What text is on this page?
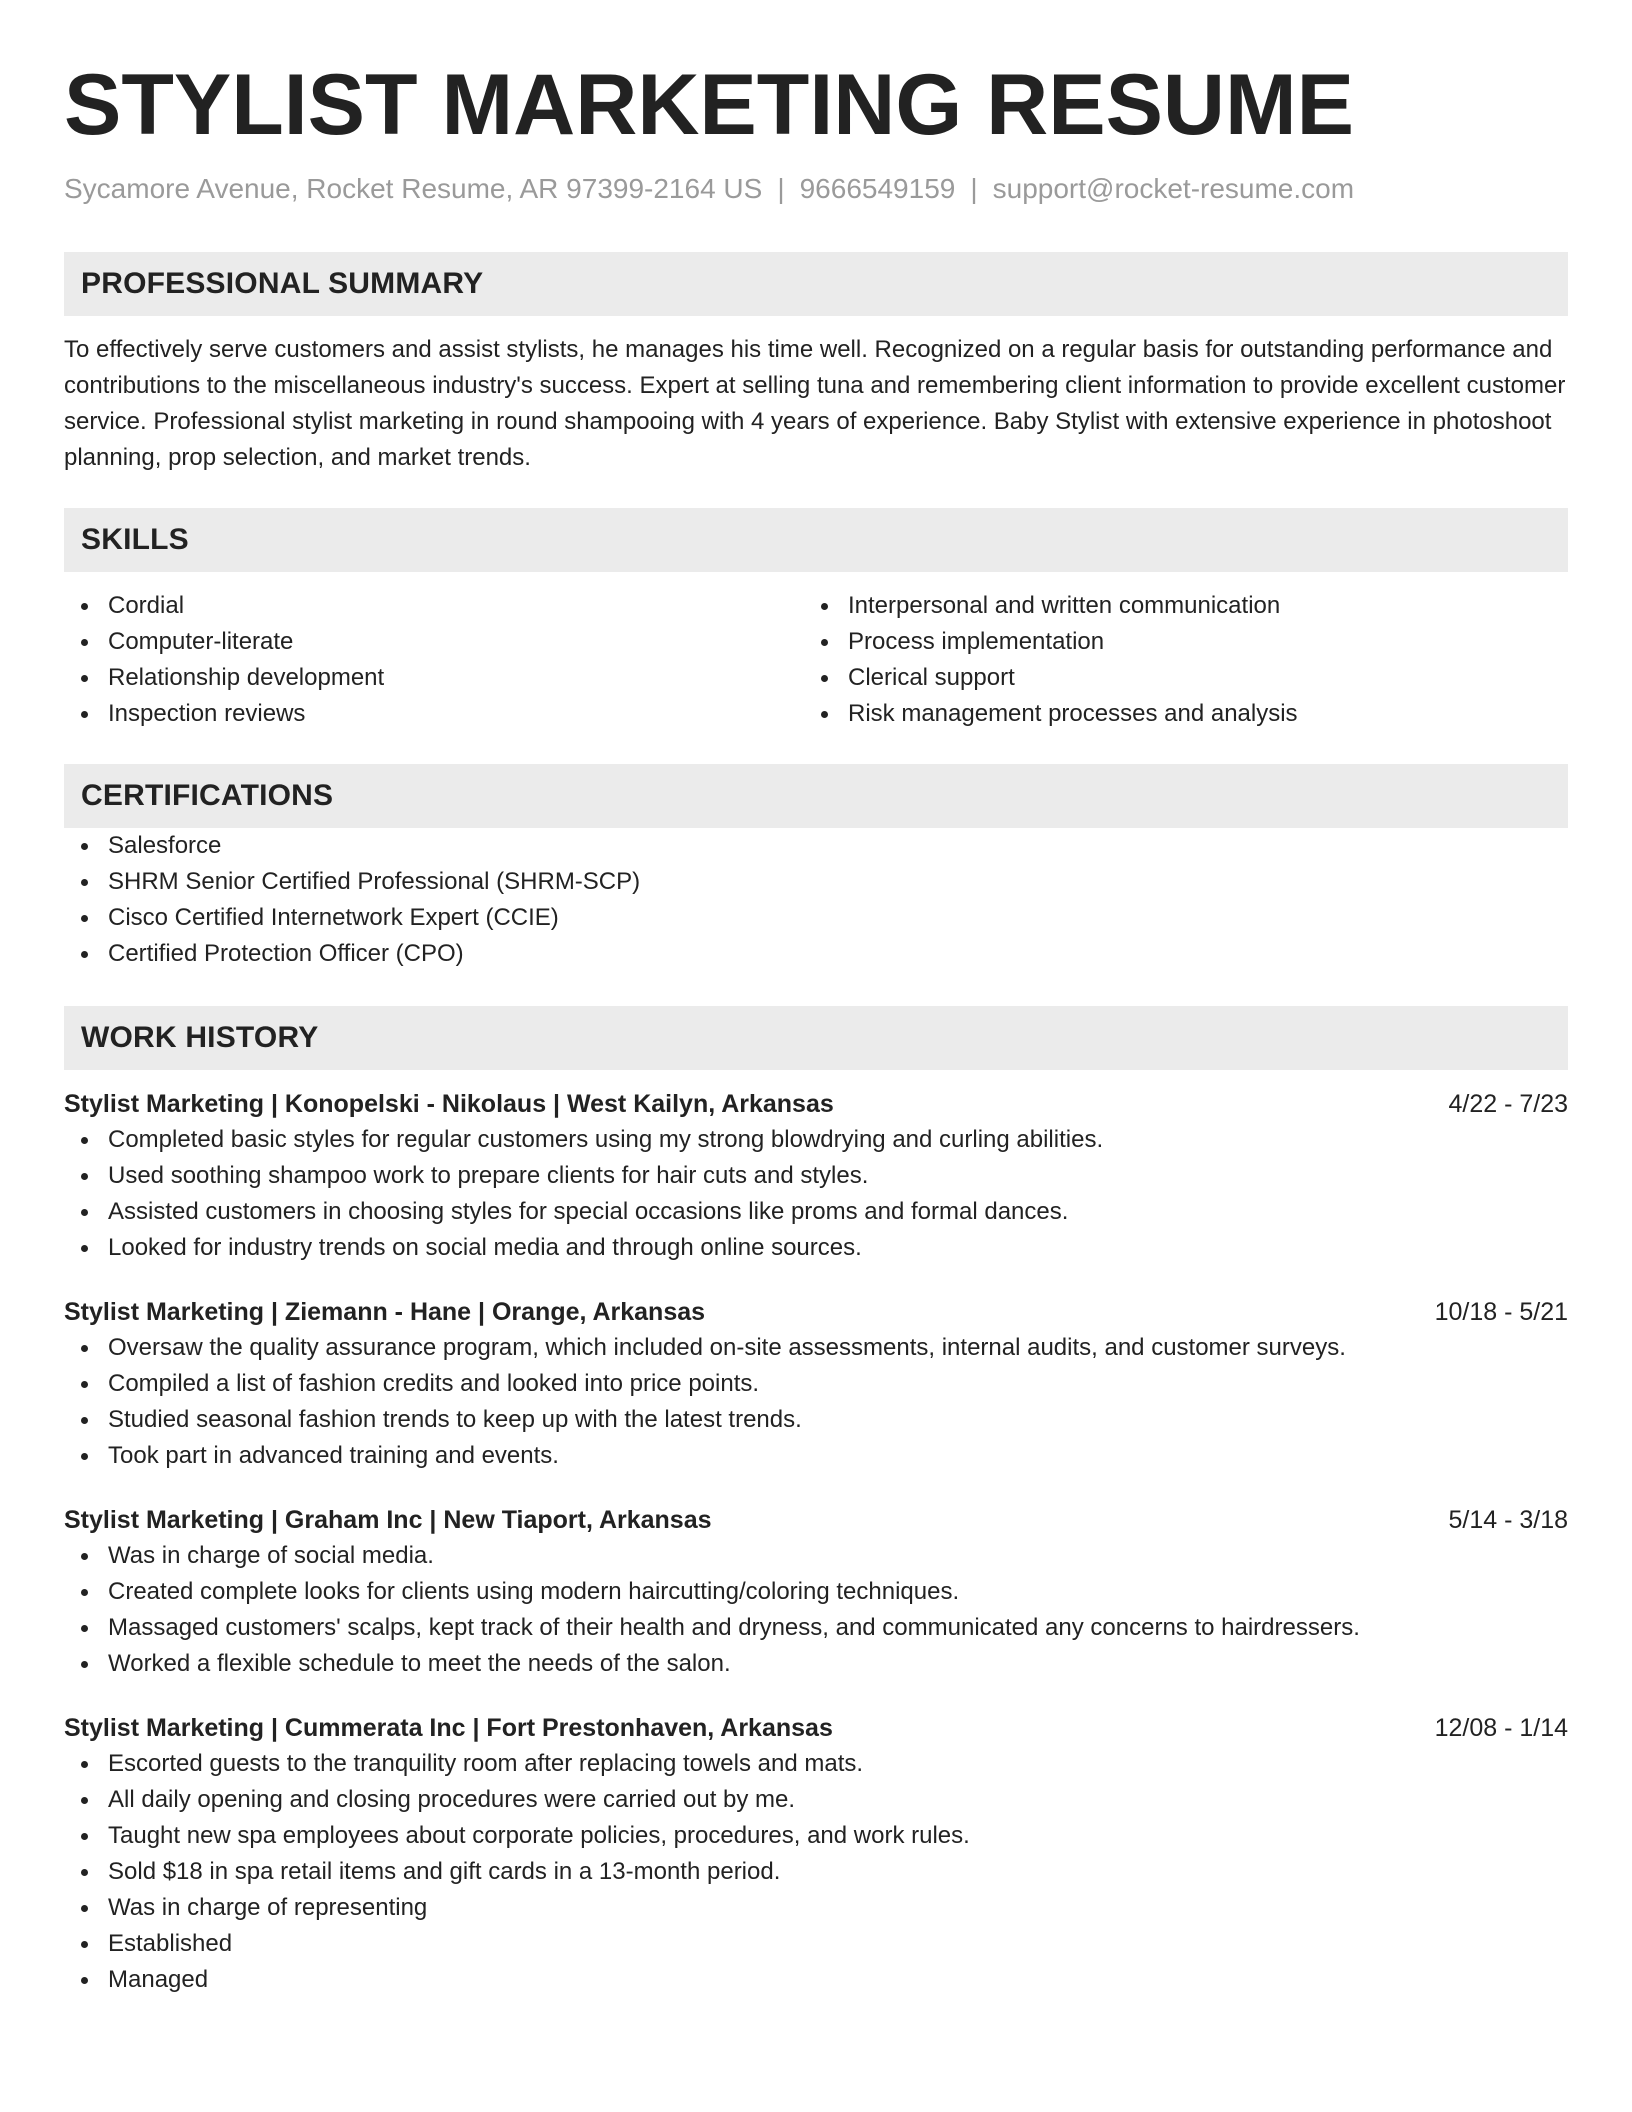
STYLIST MARKETING RESUME
Sycamore Avenue, Rocket Resume, AR 97399-2164 US | 9666549159 | support@rocket-resume.com
PROFESSIONAL SUMMARY
To effectively serve customers and assist stylists, he manages his time well. Recognized on a regular basis for outstanding performance and contributions to the miscellaneous industry's success. Expert at selling tuna and remembering client information to provide excellent customer service. Professional stylist marketing in round shampooing with 4 years of experience. Baby Stylist with extensive experience in photoshoot planning, prop selection, and market trends.
SKILLS
Cordial
Computer-literate
Relationship development
Inspection reviews
Interpersonal and written communication
Process implementation
Clerical support
Risk management processes and analysis
CERTIFICATIONS
Salesforce
SHRM Senior Certified Professional (SHRM-SCP)
Cisco Certified Internetwork Expert (CCIE)
Certified Protection Officer (CPO)
WORK HISTORY
Stylist Marketing | Konopelski - Nikolaus | West Kailyn, Arkansas	4/22 - 7/23
Completed basic styles for regular customers using my strong blowdrying and curling abilities.
Used soothing shampoo work to prepare clients for hair cuts and styles.
Assisted customers in choosing styles for special occasions like proms and formal dances.
Looked for industry trends on social media and through online sources.
Stylist Marketing | Ziemann - Hane | Orange, Arkansas	10/18 - 5/21
Oversaw the quality assurance program, which included on-site assessments, internal audits, and customer surveys.
Compiled a list of fashion credits and looked into price points.
Studied seasonal fashion trends to keep up with the latest trends.
Took part in advanced training and events.
Stylist Marketing | Graham Inc | New Tiaport, Arkansas	5/14 - 3/18
Was in charge of social media.
Created complete looks for clients using modern haircutting/coloring techniques.
Massaged customers' scalps, kept track of their health and dryness, and communicated any concerns to hairdressers.
Worked a flexible schedule to meet the needs of the salon.
Stylist Marketing | Cummerata Inc | Fort Prestonhaven, Arkansas	12/08 - 1/14
Escorted guests to the tranquility room after replacing towels and mats.
All daily opening and closing procedures were carried out by me.
Taught new spa employees about corporate policies, procedures, and work rules.
Sold $18 in spa retail items and gift cards in a 13-month period.
Was in charge of representing
Established
Managed
